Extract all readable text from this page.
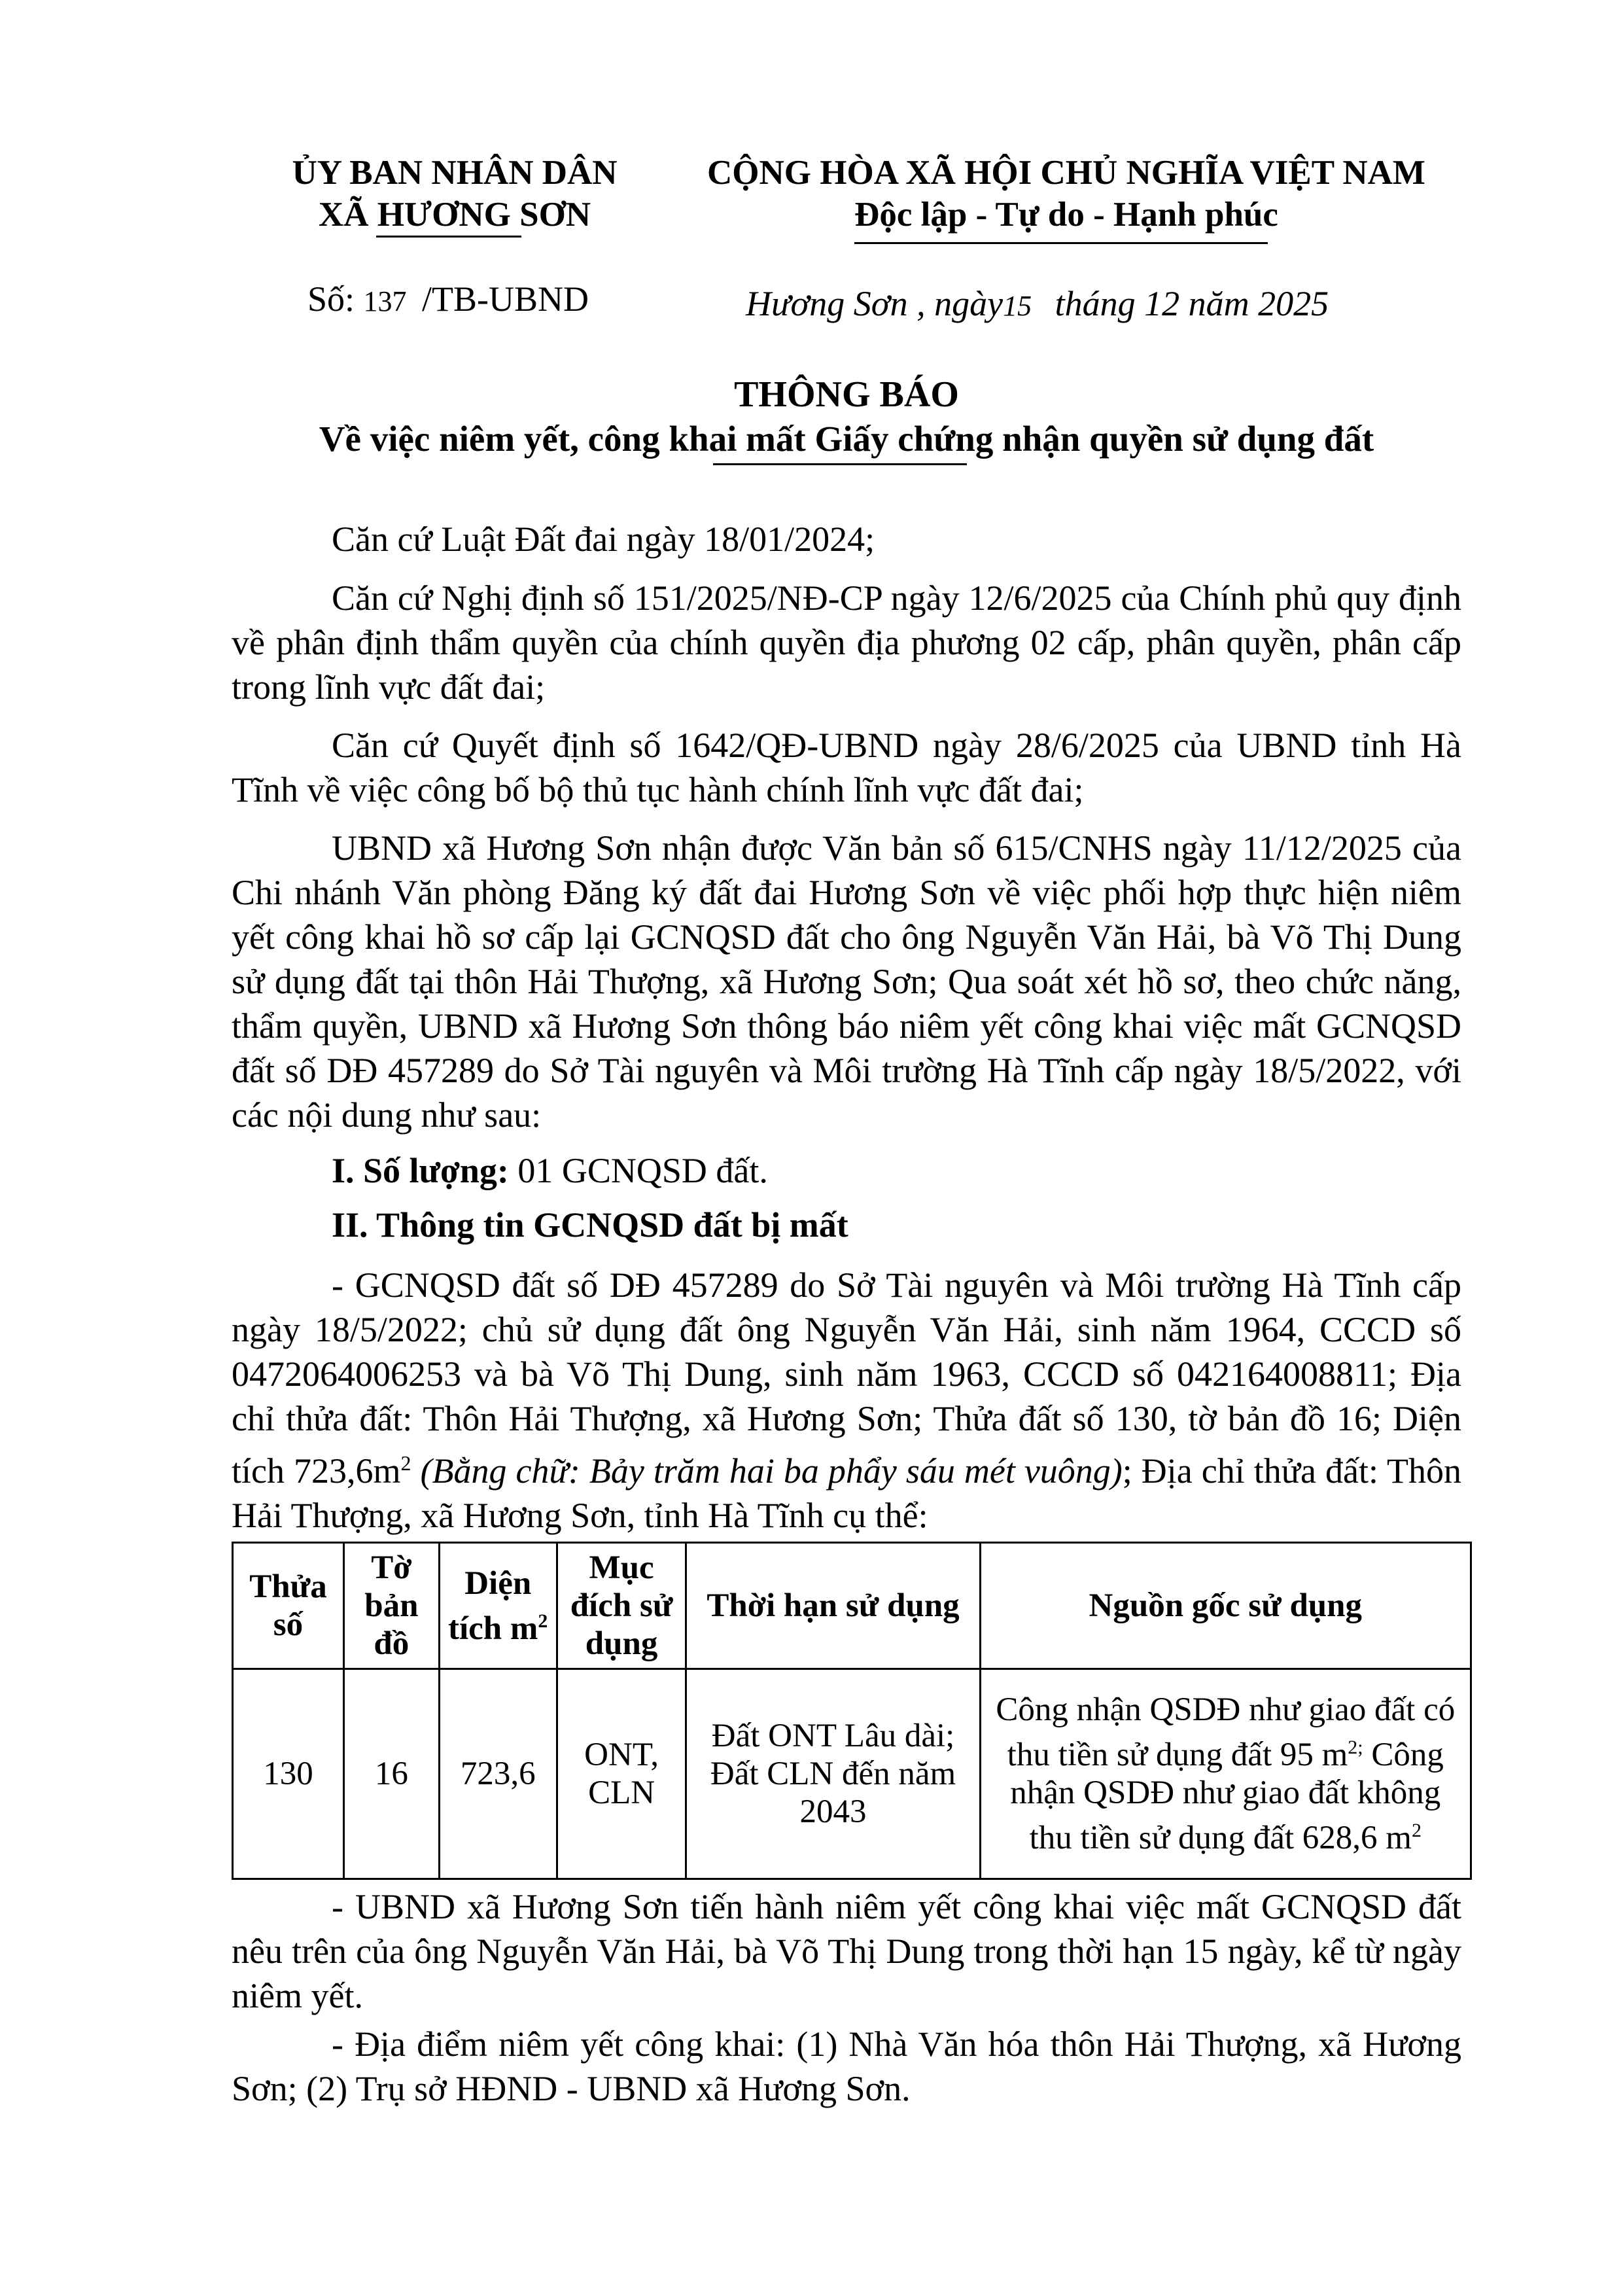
ỦY BAN NHÂN DÂN
XÃ HƯƠNG SƠN
CỘNG HÒA XÃ HỘI CHỦ NGHĨA VIỆT NAM
Độc lập - Tự do - Hạnh phúc
Số: 137 /TB-UBND	Hương Sơn , ngày15 tháng 12 năm 2025
THÔNG BÁO
Về việc niêm yết, công khai mất Giấy chứng nhận quyền sử dụng đất
Căn cứ Luật Đất đai ngày 18/01/2024;
Căn cứ Nghị định số 151/2025/NĐ-CP ngày 12/6/2025 của Chính phủ quy định về phân định thẩm quyền của chính quyền địa phương 02 cấp, phân quyền, phân cấp trong lĩnh vực đất đai;
Căn cứ Quyết định số 1642/QĐ-UBND ngày 28/6/2025 của UBND tỉnh Hà Tĩnh về việc công bố bộ thủ tục hành chính lĩnh vực đất đai;
UBND xã Hương Sơn nhận được Văn bản số 615/CNHS ngày 11/12/2025 của Chi nhánh Văn phòng Đăng ký đất đai Hương Sơn về việc phối hợp thực hiện niêm yết công khai hồ sơ cấp lại GCNQSD đất cho ông Nguyễn Văn Hải, bà Võ Thị Dung sử dụng đất tại thôn Hải Thượng, xã Hương Sơn; Qua soát xét hồ sơ, theo chức năng, thẩm quyền, UBND xã Hương Sơn thông báo niêm yết công khai việc mất GCNQSD đất số DĐ 457289 do Sở Tài nguyên và Môi trường Hà Tĩnh cấp ngày 18/5/2022, với các nội dung như sau:
I. Số lượng: 01 GCNQSD đất.
II. Thông tin GCNQSD đất bị mất
- GCNQSD đất số DĐ 457289 do Sở Tài nguyên và Môi trường Hà Tĩnh cấp ngày 18/5/2022; chủ sử dụng đất ông Nguyễn Văn Hải, sinh năm 1964, CCCD số 0472064006253 và bà Võ Thị Dung, sinh năm 1963, CCCD số 042164008811; Địa chỉ thửa đất: Thôn Hải Thượng, xã Hương Sơn; Thửa đất số 130, tờ bản đồ 16; Diện tích $723,6m^2$ (Bằng chữ: Bảy trăm hai ba phẩy sáu mét vuông); Địa chỉ thửa đất: Thôn Hải Thượng, xã Hương Sơn, tỉnh Hà Tĩnh cụ thể:
Thửa số	Tờ bản đồ	Diện tích $m^2$	Mục đích sử dụng	Thời hạn sử dụng	Nguồn gốc sử dụng
130	16	723,6	ONT, CLN	Đất ONT Lâu dài; Đất CLN đến năm 2043	Công nhận QSDĐ như giao đất có thu tiền sử dụng đất 95 $m^{2;}$ Công nhận QSDĐ như giao đất không thu tiền sử dụng đất 628,6 $m^2$
- UBND xã Hương Sơn tiến hành niêm yết công khai việc mất GCNQSD đất nêu trên của ông Nguyễn Văn Hải, bà Võ Thị Dung trong thời hạn 15 ngày, kể từ ngày niêm yết.
- Địa điểm niêm yết công khai: (1) Nhà Văn hóa thôn Hải Thượng, xã Hương Sơn; (2) Trụ sở HĐND - UBND xã Hương Sơn.
